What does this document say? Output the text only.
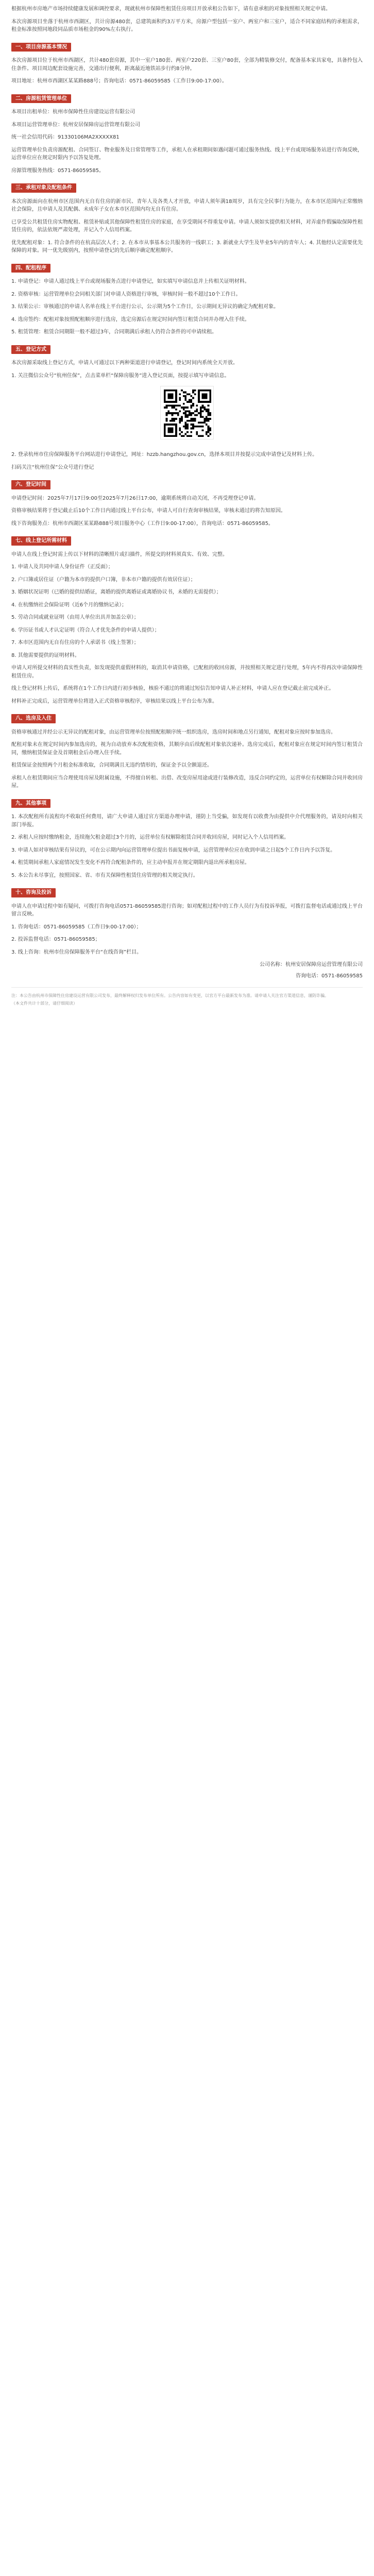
根据杭州市房地产市场持续健康发展和调控要求，现就杭州市保障性租赁住房项目开放承租公告如下，请有意承租的对象按照相关规定申请。

本次房源项目坐落于杭州市西湖区，共计房源480套，总建筑面积约3万平方米，房源户型包括一室户、两室户和三室户，适合不同家庭结构的承租需求，租金标准按照同地段同品质市场租金的90%左右执行。

一、项目房源基本情况

本次房源项目位于杭州市西湖区，共计480套房源，其中一室户180套、两室户220套、三室户80套，全部为精装修交付，配备基本家具家电，具备拎包入住条件。项目周边配套设施完善，交通出行便利，距离最近地铁站步行约8分钟。

项目地址：杭州市西湖区某某路888号；咨询电话：0571-86059585（工作日9:00-17:00）。

二、房源租赁管理单位

本项目出租单位：杭州市保障性住房建设运营有限公司

本项目运营管理单位：杭州安居保障房运营管理有限公司

统一社会信用代码：91330106MA2XXXXX81

运营管理单位负责房源配租、合同签订、物业服务及日常管理等工作，承租人在承租期间如遇问题可通过服务热线、线上平台或现场服务站进行咨询反映，运营单位应在规定时限内予以答复处理。

房源管理服务热线：0571-86059585。

三、承租对象及配租条件

本次房源面向在杭州市区范围内无自有住房的新市民、青年人及各类人才开放，申请人须年满18周岁，具有完全民事行为能力，在本市区范围内正常缴纳社会保险，且申请人及其配偶、未成年子女在本市区范围内均无自有住房。

已享受公共租赁住房实物配租、租赁补贴或其他保障性租赁住房的家庭，在享受期间不得重复申请。申请人须如实提供相关材料，对弄虚作假骗取保障性租赁住房的，依法依规严肃处理，并记入个人信用档案。

优先配租对象：1. 符合条件的在杭高层次人才；2. 在本市从事基本公共服务的一线职工；3. 新就业大学生及毕业5年内的青年人；4. 其他经认定需要优先保障的对象。同一优先级别内，按照申请登记的先后顺序确定配租顺序。

四、配租程序

1. 申请登记：申请人通过线上平台或现场服务点进行申请登记，如实填写申请信息并上传相关证明材料。

2. 资格审核：运营管理单位会同相关部门对申请人资格进行审核，审核时间一般不超过10个工作日。

3. 结果公示：审核通过的申请人名单在线上平台进行公示，公示期为5个工作日，公示期间无异议的确定为配租对象。

4. 选房签约：配租对象按照配租顺序进行选房，选定房源后在规定时间内签订租赁合同并办理入住手续。

5. 租赁管理：租赁合同期限一般不超过3年，合同期满后承租人仍符合条件的可申请续租。

五、登记方式

本次房源采取线上登记方式，申请人可通过以下两种渠道进行申请登记，登记时间内系统全天开放。

1. 关注微信公众号“杭州住保”，点击菜单栏“保障房服务”进入登记页面，按提示填写申请信息。

2. 登录杭州市住房保障服务平台网站进行申请登记，网址：hzzb.hangzhou.gov.cn，选择本项目并按提示完成申请登记及材料上传。

扫码关注“杭州住保”公众号进行登记

六、登记时间

申请登记时间：2025年7月17日9:00至2025年7月26日17:00，逾期系统将自动关闭，不再受理登记申请。

资格审核结果将于登记截止后10个工作日内通过线上平台公布，申请人可自行查询审核结果，审核未通过的将告知原因。

线下咨询服务点：杭州市西湖区某某路888号项目服务中心（工作日9:00-17:00），咨询电话：0571-86059585。

七、线上登记所需材料

申请人在线上登记时需上传以下材料的清晰照片或扫描件，所提交的材料须真实、有效、完整。

1. 申请人及共同申请人身份证件（正反面）；

2. 户口簿或居住证（户籍为本市的提供户口簿，非本市户籍的提供有效居住证）；

3. 婚姻状况证明（已婚的提供结婚证，离婚的提供离婚证或离婚协议书，未婚的无需提供）；

4. 在杭缴纳社会保险证明（近6个月的缴纳记录）；

5. 劳动合同或就业证明（由用人单位出具并加盖公章）；

6. 学历证书或人才认定证明（符合人才优先条件的申请人提供）；

7. 本市区范围内无自有住房的个人承诺书（线上签署）；

8. 其他需要提供的证明材料。

申请人对所提交材料的真实性负责，如发现提供虚假材料的，取消其申请资格，已配租的收回房源，并按照相关规定进行处理，5年内不得再次申请保障性租赁住房。

线上登记材料上传后，系统将在1个工作日内进行初步核验，核验不通过的将通过短信告知申请人补正材料，申请人应在登记截止前完成补正。

材料补正完成后，运营管理单位将进入正式资格审核程序，审核结果以线上平台公布为准。

八、选房及入住

资格审核通过并经公示无异议的配租对象，由运营管理单位按照配租顺序统一组织选房，选房时间和地点另行通知，配租对象应按时参加选房。

配租对象未在规定时间内参加选房的，视为自动放弃本次配租资格，其顺序由后续配租对象依次递补。选房完成后，配租对象应在规定时间内签订租赁合同，缴纳租赁保证金及首期租金后办理入住手续。

租赁保证金按照两个月租金标准收取，合同期满且无违约情形的，保证金予以全额退还。

承租人在租赁期间应当合理使用房屋及附属设施，不得擅自转租、出借、改变房屋用途或进行装修改造，违反合同约定的，运营单位有权解除合同并收回房屋。

九、其他事项

1. 本次配租所有流程均不收取任何费用，请广大申请人通过官方渠道办理申请，谨防上当受骗，如发现有以收费为由提供中介代理服务的，请及时向相关部门举报。

2. 承租人应按时缴纳租金，连续拖欠租金超过3个月的，运营单位有权解除租赁合同并收回房屋，同时记入个人信用档案。

3. 申请人如对审核结果有异议的，可在公示期内向运营管理单位提出书面复核申请，运营管理单位应在收到申请之日起5个工作日内予以答复。

4. 租赁期间承租人家庭情况发生变化不再符合配租条件的，应主动申报并在规定期限内退出所承租房屋。

5. 本公告未尽事宜，按照国家、省、市有关保障性租赁住房管理的相关规定执行。

十、咨询及投诉

申请人在申请过程中如有疑问，可拨打咨询电话0571-86059585进行咨询；如对配租过程中的工作人员行为有投诉举报，可拨打监督电话或通过线上平台留言反映。

1. 咨询电话：0571-86059585（工作日9:00-17:00）；

2. 投诉监督电话：0571-86059585；

3. 线上咨询：杭州市住房保障服务平台“在线咨询”栏目。

公司名称：杭州安居保障房运营管理有限公司

咨询电话：0571-86059585

注：本公告由杭州市保障性住房建设运营有限公司发布，最终解释权归发布单位所有。公告内容如有变更，以官方平台最新发布为准。请申请人关注官方渠道信息，谨防诈骗。

（本文件共计十部分，请仔细阅读）
